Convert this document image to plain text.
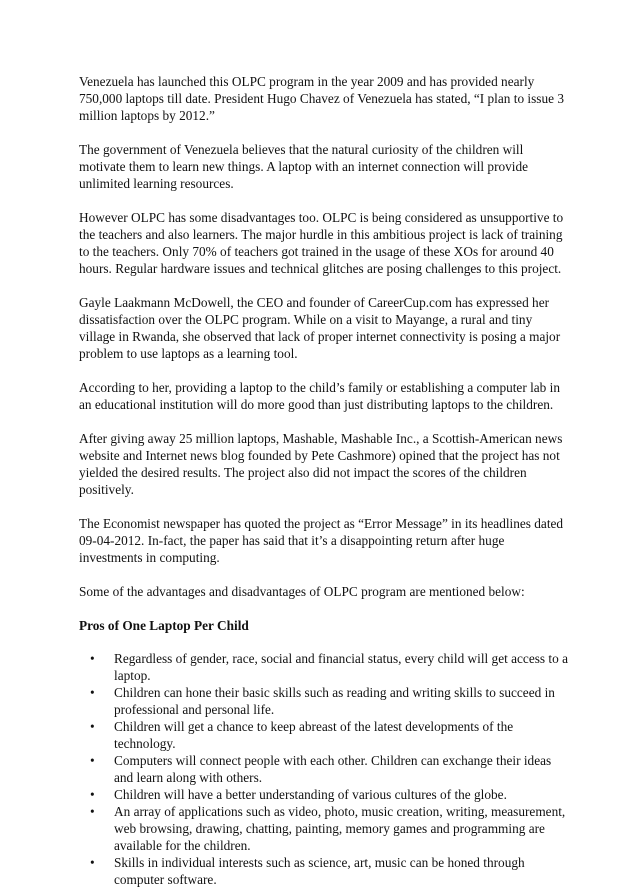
Venezuela has launched this OLPC program in the year 2009 and has provided nearly 750,000 laptops till date. President Hugo Chavez of Venezuela has stated, “I plan to issue 3 million laptops by 2012.”

The government of Venezuela believes that the natural curiosity of the children will motivate them to learn new things. A laptop with an internet connection will provide unlimited learning resources.

However OLPC has some disadvantages too. OLPC is being considered as unsupportive to the teachers and also learners. The major hurdle in this ambitious project is lack of training to the teachers. Only 70% of teachers got trained in the usage of these XOs for around 40 hours. Regular hardware issues and technical glitches are posing challenges to this project.

Gayle Laakmann McDowell, the CEO and founder of CareerCup.com has expressed her dissatisfaction over the OLPC program. While on a visit to Mayange, a rural and tiny village in Rwanda, she observed that lack of proper internet connectivity is posing a major problem to use laptops as a learning tool.

According to her, providing a laptop to the child’s family or establishing a computer lab in an educational institution will do more good than just distributing laptops to the children.

After giving away 25 million laptops, Mashable, Mashable Inc., a Scottish-American news website and Internet news blog founded by Pete Cashmore) opined that the project has not yielded the desired results. The project also did not impact the scores of the children positively.

The Economist newspaper has quoted the project as “Error Message” in its headlines dated 09-04-2012. In-fact, the paper has said that it’s a disappointing return after huge investments in computing.

Some of the advantages and disadvantages of OLPC program are mentioned below:

Pros of One Laptop Per Child

• Regardless of gender, race, social and financial status, every child will get access to a laptop.
• Children can hone their basic skills such as reading and writing skills to succeed in professional and personal life.
• Children will get a chance to keep abreast of the latest developments of the technology.
• Computers will connect people with each other. Children can exchange their ideas and learn along with others.
• Children will have a better understanding of various cultures of the globe.
• An array of applications such as video, photo, music creation, writing, measurement, web browsing, drawing, chatting, painting, memory games and programming are available for the children.
• Skills in individual interests such as science, art, music can be honed through computer software.
